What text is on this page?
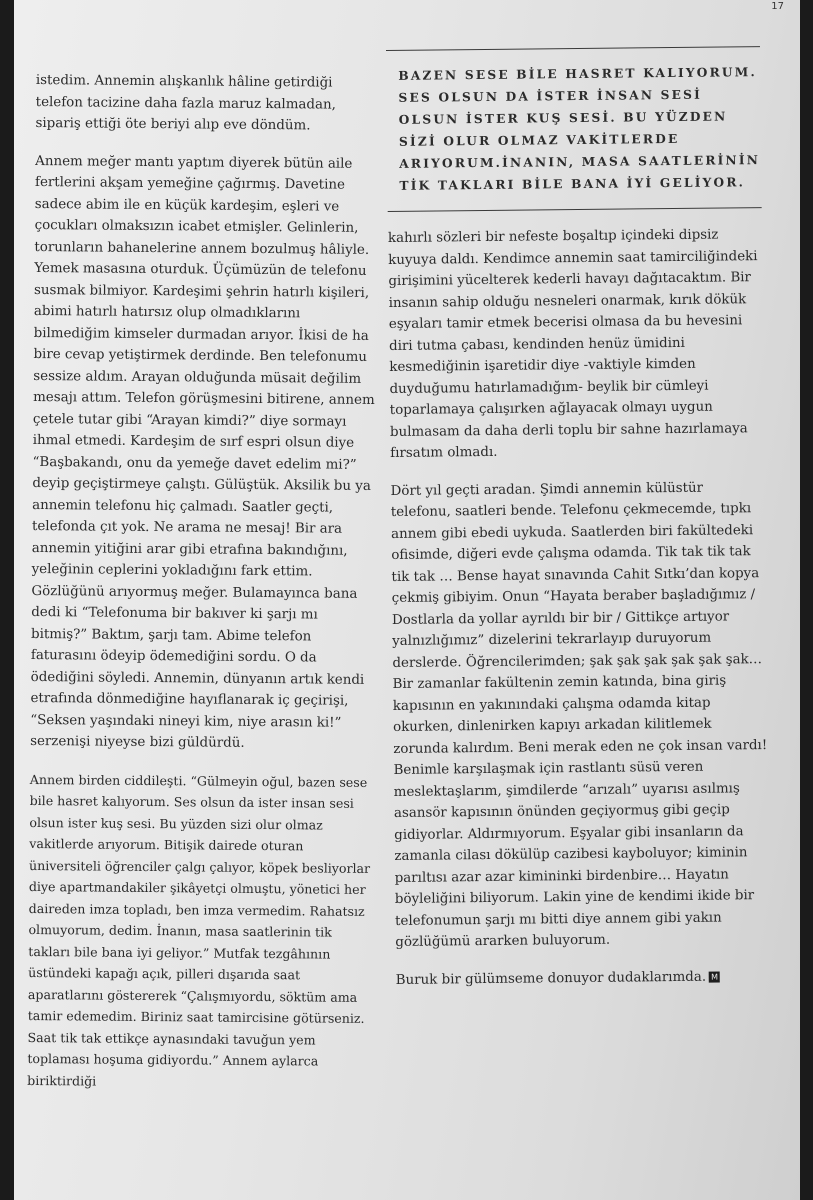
17

istedim. Annemin alışkanlık hâline getirdiği telefon tacizine daha fazla maruz kalmadan, sipariş ettiği öte beriyi alıp eve döndüm.

Annem meğer mantı yaptım diyerek bütün aile fertlerini akşam yemeğine çağırmış. Davetine sadece abim ile en küçük kardeşim, eşleri ve çocukları olmaksızın icabet etmişler. Gelinlerin, torunların bahanelerine annem bozulmuş hâliyle. Yemek masasına oturduk. Üçümüzün de telefonu susmak bilmiyor. Kardeşimi şehrin hatırlı kişileri, abimi hatırlı hatırsız olup olmadıklarını bilmediğim kimseler durmadan arıyor. İkisi de ha bire cevap yetiştirmek derdinde. Ben telefonumu sessize aldım. Arayan olduğunda müsait değilim mesajı attım. Telefon görüşmesini bitirene, annem çetele tutar gibi “Arayan kimdi?” diye sormayı ihmal etmedi. Kardeşim de sırf espri olsun diye “Başbakandı, onu da yemeğe davet edelim mi?” deyip geçiştirmeye çalıştı. Gülüştük. Aksilik bu ya annemin telefonu hiç çalmadı. Saatler geçti, telefonda çıt yok. Ne arama ne mesaj! Bir ara annemin yitiğini arar gibi etrafına bakındığını, yeleğinin ceplerini yokladığını fark ettim. Gözlüğünü arıyormuş meğer. Bulamayınca bana dedi ki “Telefonuma bir bakıver ki şarjı mı bitmiş?” Baktım, şarjı tam. Abime telefon faturasını ödeyip ödemediğini sordu. O da ödediğini söyledi. Annemin, dünyanın artık kendi etrafında dönmediğine hayıflanarak iç geçirişi, “Seksen yaşındaki nineyi kim, niye arasın ki!” serzenişi niyeyse bizi güldürdü.

Annem birden ciddileşti. “Gülmeyin oğul, bazen sese bile hasret kalıyorum. Ses olsun da ister insan sesi olsun ister kuş sesi. Bu yüzden sizi olur olmaz vakitlerde arıyorum. Bitişik dairede oturan üniversiteli öğrenciler çalgı çalıyor, köpek besliyorlar diye apartmandakiler şikâyetçi olmuştu, yönetici her daireden imza topladı, ben imza vermedim. Rahatsız olmuyorum, dedim. İnanın, masa saatlerinin tik takları bile bana iyi geliyor.” Mutfak tezgâhının üstündeki kapağı açık, pilleri dışarıda saat aparatlarını göstererek “Çalışmıyordu, söktüm ama tamir edemedim. Biriniz saat tamircisine götürseniz. Saat tik tak ettikçe aynasındaki tavuğun yem toplaması hoşuma gidiyordu.” Annem aylarca biriktirdiği

BAZEN SESE BİLE HASRET KALIYORUM. SES OLSUN DA İSTER İNSAN SESİ OLSUN İSTER KUŞ SESİ. BU YÜZDEN SİZİ OLUR OLMAZ VAKİTLERDE ARIYORUM.İNANIN, MASA SAATLERİNİN TİK TAKLARI BİLE BANA İYİ GELİYOR.

kahırlı sözleri bir nefeste boşaltıp içindeki dipsiz kuyuya daldı. Kendimce annemin saat tamirciliğindeki girişimini yücelterek kederli havayı dağıtacaktım. Bir insanın sahip olduğu nesneleri onarmak, kırık dökük eşyaları tamir etmek becerisi olmasa da bu hevesini diri tutma çabası, kendinden henüz ümidini kesmediğinin işaretidir diye -vaktiyle kimden duyduğumu hatırlamadığım- beylik bir cümleyi toparlamaya çalışırken ağlayacak olmayı uygun bulmasam da daha derli toplu bir sahne hazırlamaya fırsatım olmadı.

Dört yıl geçti aradan. Şimdi annemin külüstür telefonu, saatleri bende. Telefonu çekmecemde, tıpkı annem gibi ebedi uykuda. Saatlerden biri fakültedeki ofisimde, diğeri evde çalışma odamda. Tik tak tik tak tik tak … Bense hayat sınavında Cahit Sıtkı’dan kopya çekmiş gibiyim. Onun “Hayata beraber başladığımız / Dostlarla da yollar ayrıldı bir bir / Gittikçe artıyor yalnızlığımız” dizelerini tekrarlayıp duruyorum derslerde. Öğrencilerimden; şak şak şak şak şak şak… Bir zamanlar fakültenin zemin katında, bina giriş kapısının en yakınındaki çalışma odamda kitap okurken, dinlenirken kapıyı arkadan kilitlemek zorunda kalırdım. Beni merak eden ne çok insan vardı! Benimle karşılaşmak için rastlantı süsü veren meslektaşlarım, şimdilerde “arızalı” uyarısı asılmış asansör kapısının önünden geçiyormuş gibi geçip gidiyorlar. Aldırmıyorum. Eşyalar gibi insanların da zamanla cilası dökülüp cazibesi kayboluyor; kiminin parıltısı azar azar kimininki birdenbire… Hayatın böyleliğini biliyorum. Lakin yine de kendimi ikide bir telefonumun şarjı mı bitti diye annem gibi yakın gözlüğümü ararken buluyorum.

Buruk bir gülümseme donuyor dudaklarımda. M
